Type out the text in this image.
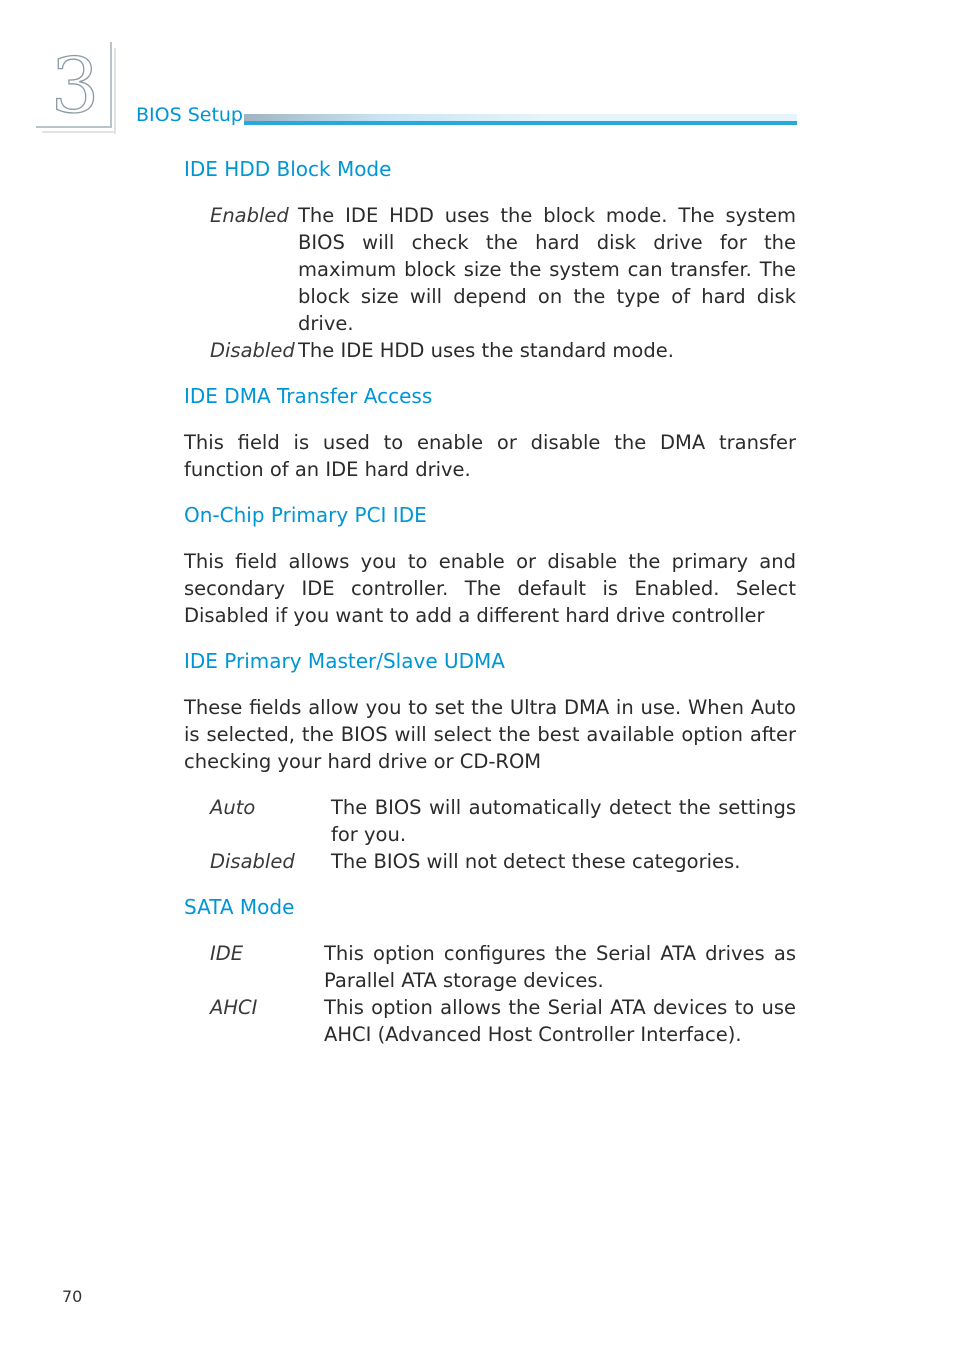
3	BIOS Setup
IDE HDD Block Mode
Enabled The IDE HDD uses the block mode. The system BIOS will check the hard disk drive for the maximum block size the system can transfer. The block size will depend on the type of hard disk drive.
Disabled The IDE HDD uses the standard mode.
IDE DMA Transfer Access

This field is used to enable or disable the DMA transfer function of an IDE hard drive.

On-Chip Primary PCI IDE

This field allows you to enable or disable the primary and secondary IDE controller. The default is Enabled. Select Disabled if you want to add a different hard drive controller

IDE Primary Master/Slave UDMA

These fields allow you to set the Ultra DMA in use. When Auto is selected, the BIOS will select the best available option after checking your hard drive or CD-ROM

Auto	The BIOS will automatically detect the settings for you.
Disabled	The BIOS will not detect these categories.
SATA Mode
IDE	This option configures the Serial ATA drives as Parallel ATA storage devices.
AHCI	This option allows the Serial ATA devices to use AHCI (Advanced Host Controller Interface).
70
